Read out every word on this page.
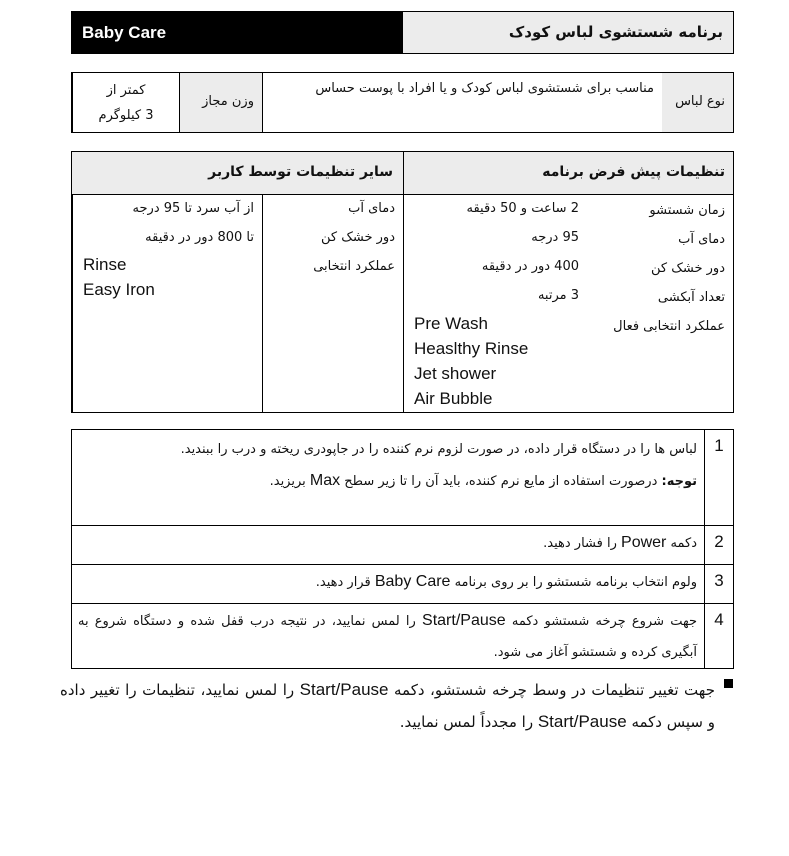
Baby Care	برنامه شستشوی لباس کودک
نوع لباس
مناسب برای شستشوی لباس کودک و یا افراد با پوست حساس
وزن مجاز
کمتر از
3 کیلوگرم
تنظیمات پیش فرض برنامه
سایر تنظیمات توسط کاربر
زمان شستشو
دمای آب
دور خشک کن
تعداد آبکشی
عملکرد انتخابی فعال
2 ساعت و 50 دقیقه
95 درجه
400 دور در دقیقه
3 مرتبه
Pre Wash
Heaslthy Rinse
Jet shower
Air Bubble
دمای آب
دور خشک کن
عملکرد انتخابی
از آب سرد تا 95 درجه
تا 800 دور در دقیقه
Rinse
Easy Iron
1
لباس ها را در دستگاه قرار داده، در صورت لزوم نرم کننده را در جاپودری ریخته و درب را ببندید.
توجه: درصورت استفاده از مایع نرم کننده، باید آن را تا زیر سطح Max بریزید.
2
دکمه Power را فشار دهید.
3
ولوم انتخاب برنامه شستشو را بر روی برنامه Baby Care قرار دهید.
4
جهت شروع چرخه شستشو دکمه Start/Pause را لمس نمایید، در نتیجه درب قفل شده و دستگاه شروع به آبگیری کرده و شستشو آغاز می شود.
جهت تغییر تنظیمات در وسط چرخه شستشو، دکمه Start/Pause را لمس نمایید، تنظیمات را تغییر داده و سپس دکمه Start/Pause را مجدداً لمس نمایید.
